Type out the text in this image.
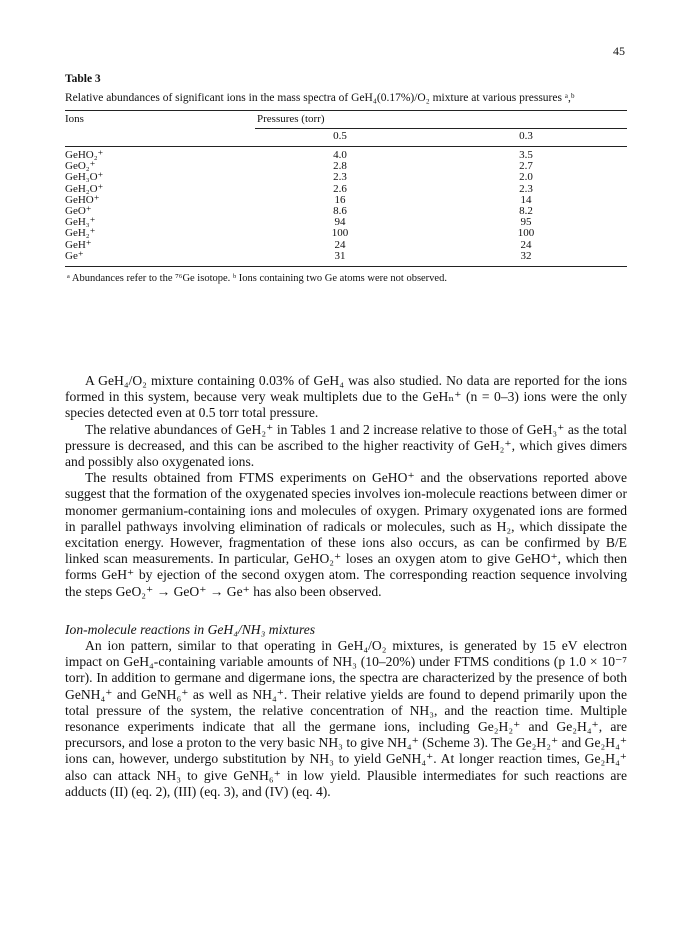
45

Table 3

Relative abundances of significant ions in the mass spectra of GeH₄(0.17%)/O₂ mixture at various pressures ᵃ,ᵇ

Ions	Pressures (torr)	
	0.5	0.3
GeHO₂⁺	4.0	3.5
GeO₂⁺	2.8	2.7
GeH₃O⁺	2.3	2.0
GeH₂O⁺	2.6	2.3
GeHO⁺	16	14
GeO⁺	8.6	8.2
GeH₃⁺	94	95
GeH₂⁺	100	100
GeH⁺	24	24
Ge⁺	31	32
ᵃ Abundances refer to the ⁷⁶Ge isotope. ᵇ Ions containing two Ge atoms were not observed.

A GeH₄/O₂ mixture containing 0.03% of GeH₄ was also studied. No data are reported for the ions formed in this system, because very weak multiplets due to the GeHₙ⁺ (n = 0–3) ions were the only species detected even at 0.5 torr total pressure.

The relative abundances of GeH₂⁺ in Tables 1 and 2 increase relative to those of GeH₃⁺ as the total pressure is decreased, and this can be ascribed to the higher reactivity of GeH₂⁺, which gives dimers and possibly also oxygenated ions.

The results obtained from FTMS experiments on GeHO⁺ and the observations reported above suggest that the formation of the oxygenated species involves ion-molecule reactions between dimer or monomer germanium-containing ions and molecules of oxygen. Primary oxygenated ions are formed in parallel pathways involving elimination of radicals or molecules, such as H₂, which dissipate the excitation energy. However, fragmentation of these ions also occurs, as can be confirmed by B/E linked scan measurements. In particular, GeHO₂⁺ loses an oxygen atom to give GeHO⁺, which then forms GeH⁺ by ejection of the second oxygen atom. The corresponding reaction sequence involving the steps GeO₂⁺ → GeO⁺ → Ge⁺ has also been observed.

Ion-molecule reactions in GeH₄/NH₃ mixtures

An ion pattern, similar to that operating in GeH₄/O₂ mixtures, is generated by 15 eV electron impact on GeH₄-containing variable amounts of NH₃ (10–20%) under FTMS conditions (p 1.0 × 10⁻⁷ torr). In addition to germane and digermane ions, the spectra are characterized by the presence of both GeNH₄⁺ and GeNH₆⁺ as well as NH₄⁺. Their relative yields are found to depend primarily upon the total pressure of the system, the relative concentration of NH₃, and the reaction time. Multiple resonance experiments indicate that all the germane ions, including Ge₂H₂⁺ and Ge₂H₄⁺, are precursors, and lose a proton to the very basic NH₃ to give NH₄⁺ (Scheme 3). The Ge₂H₂⁺ and Ge₂H₄⁺ ions can, however, undergo substitution by NH₃ to yield GeNH₄⁺. At longer reaction times, Ge₂H₄⁺ also can attack NH₃ to give GeNH₆⁺ in low yield. Plausible intermediates for such reactions are adducts (II) (eq. 2), (III) (eq. 3), and (IV) (eq. 4).
